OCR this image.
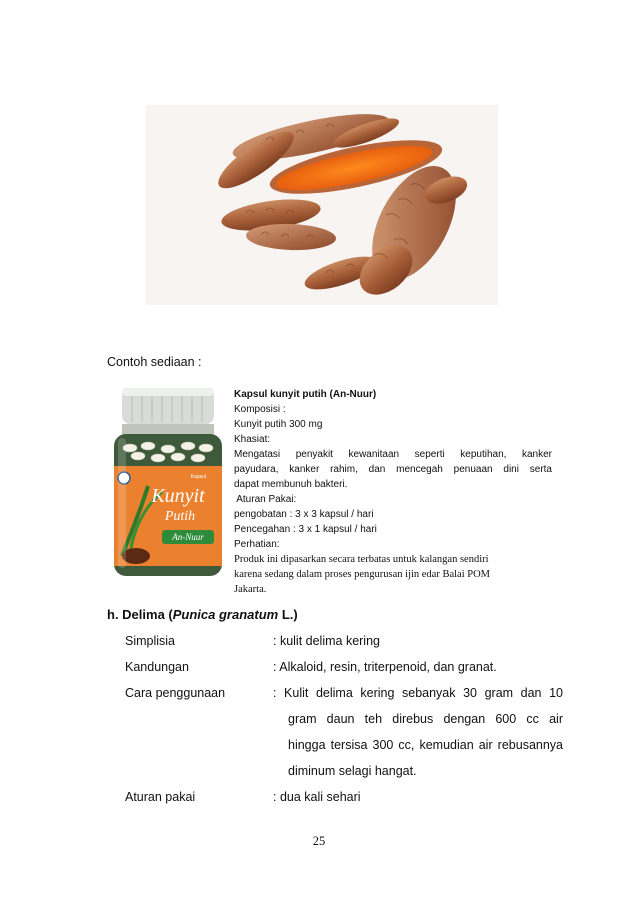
Contoh sediaan :
Kapsul
Kunyit
Putih
An-Nuur
Kapsul kunyit putih (An-Nuur)
Komposisi :
Kunyit putih 300 mg
Khasiat:
Mengatasi penyakit kewanitaan seperti keputihan, kanker
payudara, kanker rahim, dan mencegah penuaan dini serta
dapat membunuh bakteri.
Aturan Pakai:
pengobatan : 3 x 3 kapsul / hari
Pencegahan : 3 x 1 kapsul / hari
Perhatian:
Produk ini dipasarkan secara terbatas untuk kalangan sendiri
karena sedang dalam proses pengurusan ijin edar Balai POM
Jakarta.
h. Delima (Punica granatum L.)
Simplisia	: kulit delima kering
Kandungan	: Alkaloid, resin, triterpenoid, dan granat.
Cara penggunaan	: Kulit delima kering sebanyak 30 gram dan 10
gram daun teh direbus dengan 600 cc air
hingga tersisa 300 cc, kemudian air rebusannya
diminum selagi hangat.
Aturan pakai	: dua kali sehari
25
